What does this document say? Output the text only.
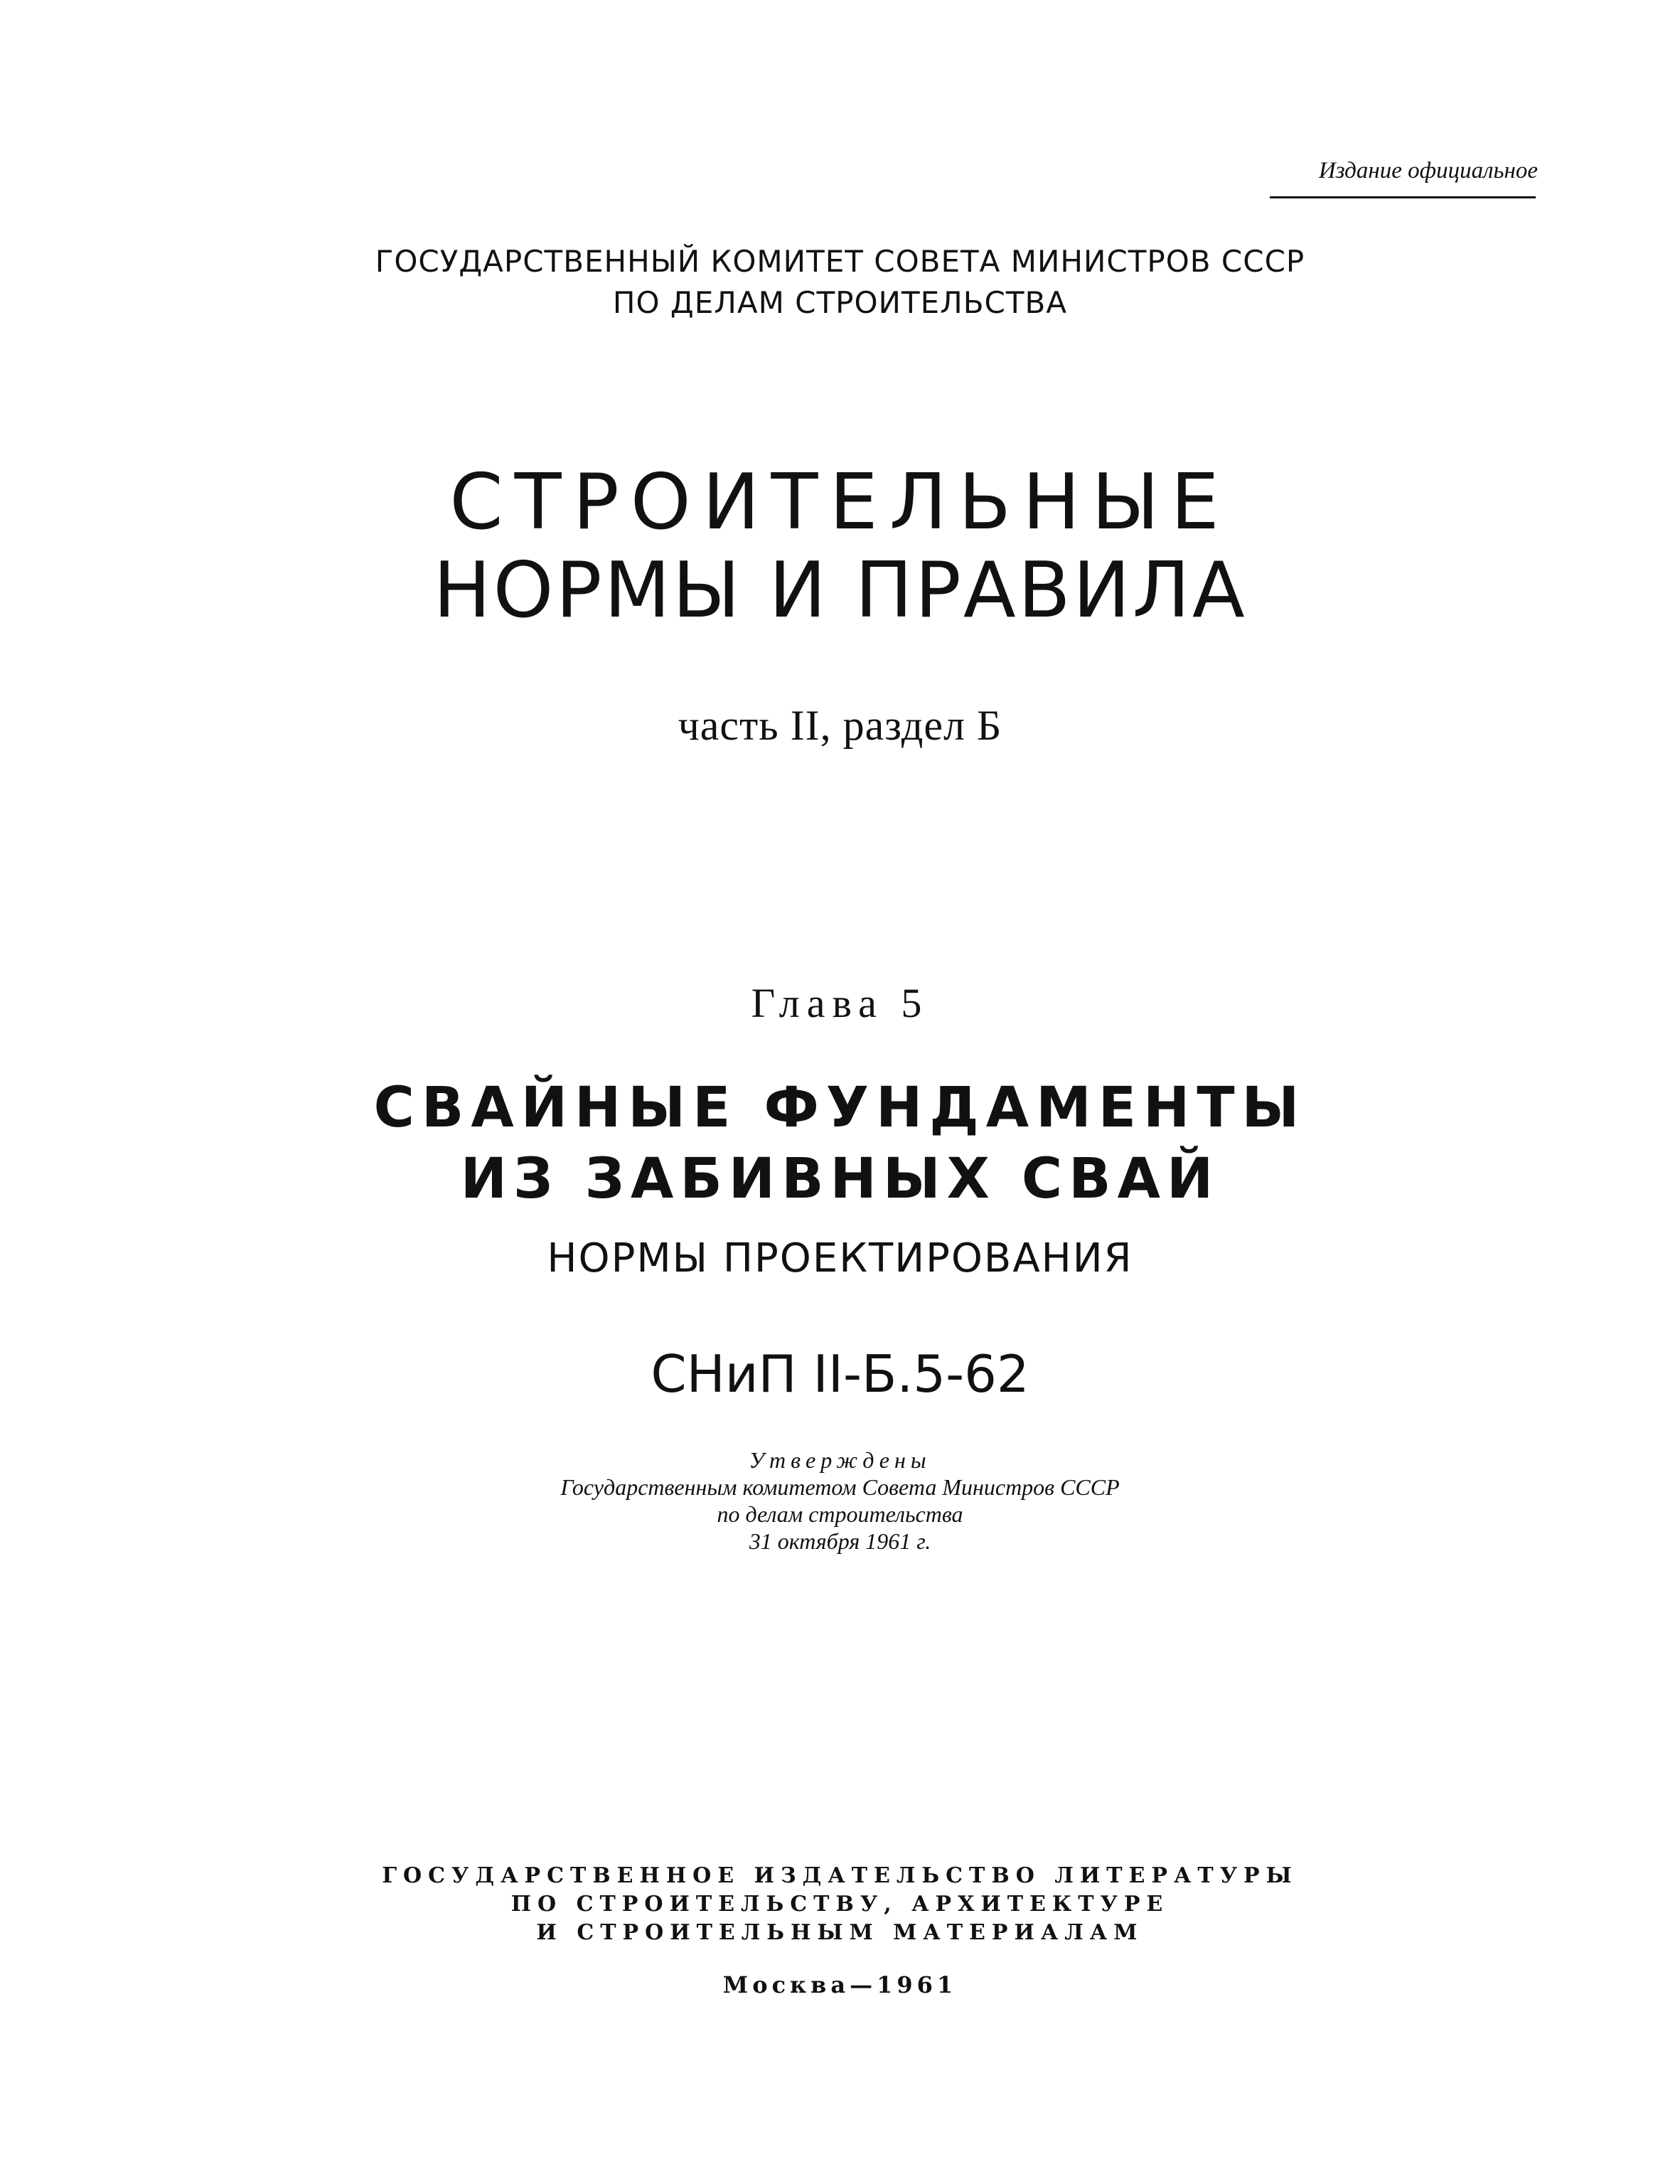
Издание официальное

ГОСУДАРСТВЕННЫЙ КОМИТЕТ СОВЕТА МИНИСТРОВ СССР

ПО ДЕЛАМ СТРОИТЕЛЬСТВА

СТРОИТЕЛЬНЫЕ
НОРМЫ И ПРАВИЛА

часть II, раздел Б

Глава 5

СВАЙНЫЕ ФУНДАМЕНТЫ
ИЗ ЗАБИВНЫХ СВАЙ

НОРМЫ ПРОЕКТИРОВАНИЯ

СНиП II-Б.5-62

Утверждены

Государственным комитетом Совета Министров СССР

по делам строительства

31 октября 1961 г.

ГОСУДАРСТВЕННОЕ ИЗДАТЕЛЬСТВО ЛИТЕРАТУРЫ

ПО СТРОИТЕЛЬСТВУ, АРХИТЕКТУРЕ

И СТРОИТЕЛЬНЫМ МАТЕРИАЛАМ

Москва—1961
